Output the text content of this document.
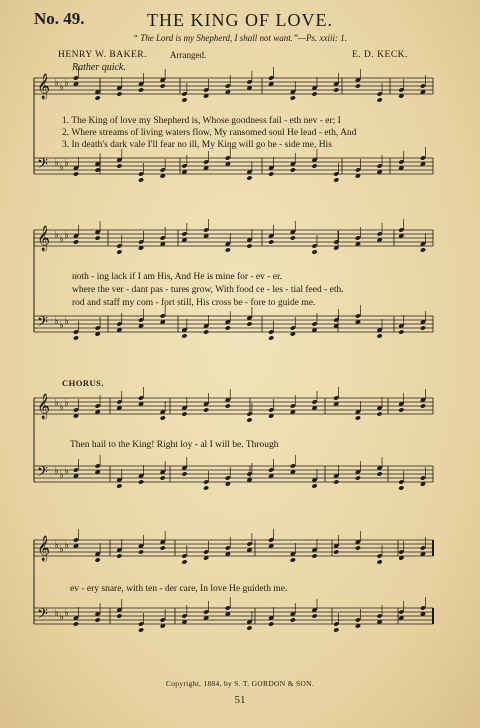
No. 49.	THE KING OF LOVE.
“ The Lord is my Shepherd, I shall not want.”—Ps. xxiii: 1.
HENRY W. BAKER.	Arranged.	E. D. KECK.
Rather quick.
1. The King of love my Shepherd is, Whose goodness fail - eth nev - er; I
2. Where streams of living waters flow, My ransomed soul He lead - eth, And
3. In death's dark vale I'll fear no ill, My King will go be - side me, His
noth - ing lack if I am His, And He is mine for - ev - er.
where the ver - dant pas - tures grow, With food ce - les - tial feed - eth.
rod and staff my com - fort still, His cross be - fore to guide me.
CHORUS.
Then hail to the King! Right loy - al I will be. Through
ev - ery snare, with ten - der care, In love He guideth me.
𝄞 ♭ ♭ ♭
𝄢 ♭ ♭ ♭
𝄞 ♭ ♭ ♭
𝄢 ♭ ♭ ♭
𝄞 ♭ ♭ ♭
𝄢 ♭ ♭ ♭
𝄞 ♭ ♭ ♭
𝄢 ♭ ♭ ♭
Copyright, 1884, by S. T. GORDON & SON.
51
